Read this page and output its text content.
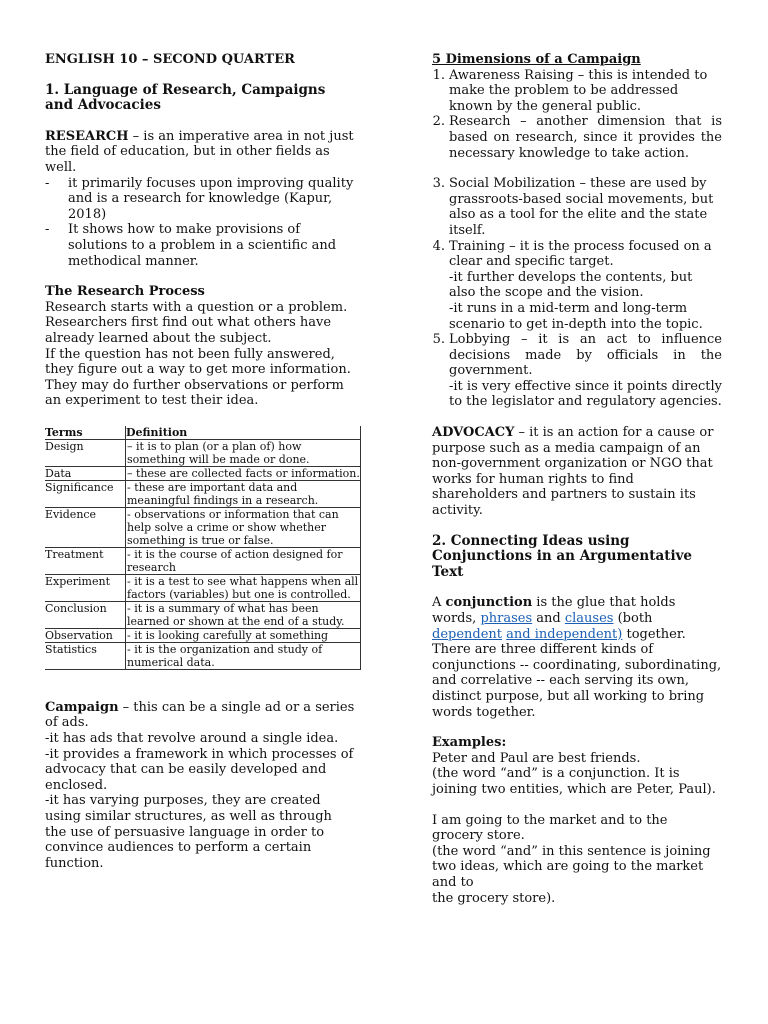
ENGLISH 10 – SECOND QUARTER

1. Language of Research, Campaigns and Advocacies

RESEARCH – is an imperative area in not just the field of education, but in other fields as well.

- it primarily focuses upon improving quality and is a research for knowledge (Kapur, 2018)
- It shows how to make provisions of solutions to a problem in a scientific and methodical manner.

The Research Process

Research starts with a question or a problem. Researchers first find out what others have already learned about the subject.

If the question has not been fully answered, they figure out a way to get more information. They may do further observations or perform an experiment to test their idea.

Terms	Definition
Design	– it is to plan (or a plan of) how something will be made or done.
Data	– these are collected facts or information.
Significance	- these are important data and meaningful findings in a research.
Evidence	- observations or information that can help solve a crime or show whether something is true or false.
Treatment	- it is the course of action designed for research
Experiment	- it is a test to see what happens when all factors (variables) but one is controlled.
Conclusion	- it is a summary of what has been learned or shown at the end of a study.
Observation	- it is looking carefully at something
Statistics	- it is the organization and study of numerical data.

Campaign – this can be a single ad or a series of ads.

-it has ads that revolve around a single idea.

-it provides a framework in which processes of advocacy that can be easily developed and enclosed.

-it has varying purposes, they are created using similar structures, as well as through the use of persuasive language in order to convince audiences to perform a certain function.

5 Dimensions of a Campaign

1. Awareness Raising – this is intended to make the problem to be addressed known by the general public.
2. Research – another dimension that is based on research, since it provides the necessary knowledge to take action.
3. Social Mobilization – these are used by grassroots-based social movements, but also as a tool for the elite and the state itself.
4. Training – it is the process focused on a clear and specific target.
-it further develops the contents, but also the scope and the vision.
-it runs in a mid-term and long-term scenario to get in-depth into the topic.
5. Lobbying – it is an act to influence decisions made by officials in the government.
-it is very effective since it points directly to the legislator and regulatory agencies.

ADVOCACY – it is an action for a cause or purpose such as a media campaign of an non-government organization or NGO that works for human rights to find shareholders and partners to sustain its activity.

2. Connecting Ideas using Conjunctions in an Argumentative Text

A conjunction is the glue that holds words, phrases and clauses (both dependent and independent) together. There are three different kinds of conjunctions -- coordinating, subordinating, and correlative -- each serving its own, distinct purpose, but all working to bring words together.

Examples:

Peter and Paul are best friends.

(the word “and” is a conjunction. It is joining two entities, which are Peter, Paul).

I am going to the market and to the grocery store.

(the word “and” in this sentence is joining two ideas, which are going to the market and to
the grocery store).
